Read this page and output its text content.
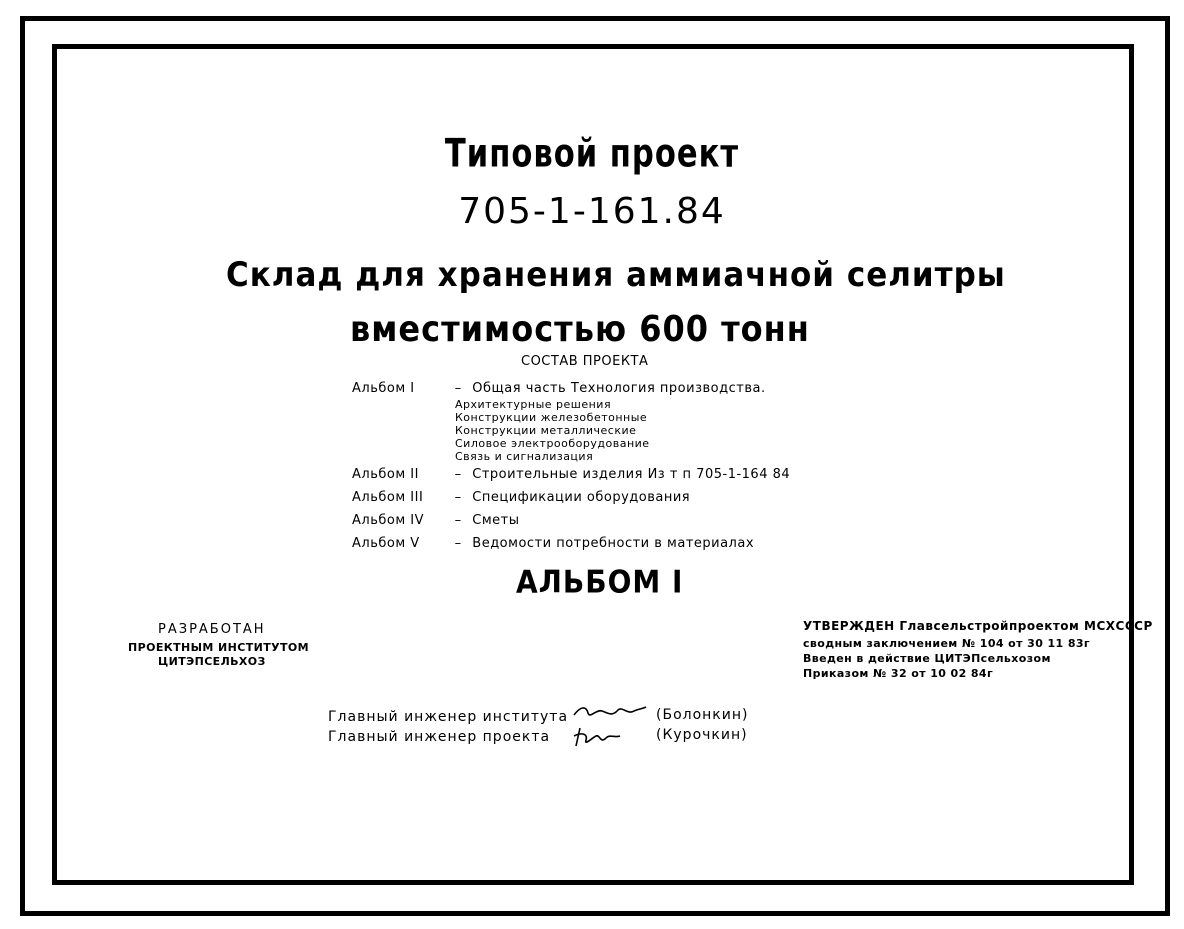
Типовой проект
705-1-161.84
Склад для хранения аммиачной селитры
вместимостью 600 тонн
СОСТАВ ПРОЕКТА
Альбом I	– Общая часть Технология производства.
Архитектурные решения
Конструкции железобетонные
Конструкции металлические
Силовое электрооборудование
Связь и сигнализация
Альбом II	– Строительные изделия Из т п 705-1-164 84
Альбом III – Спецификации оборудования
Альбом IV – Сметы
Альбом V	– Ведомости потребности в материалах
АЛЬБОМ I
РАЗРАБОТАН
ПРОЕКТНЫМ ИНСТИТУТОМ
ЦИТЭПСЕЛЬХОЗ
УТВЕРЖДЕН Главсельстройпроектом МСХСССР
сводным заключением № 104 от 30 11 83г
Введен в действие ЦИТЭПсельхозом
Приказом № 32 от 10 02 84г
Главный инженер института	(Болонкин)
Главный инженер проекта	(Курочкин)
